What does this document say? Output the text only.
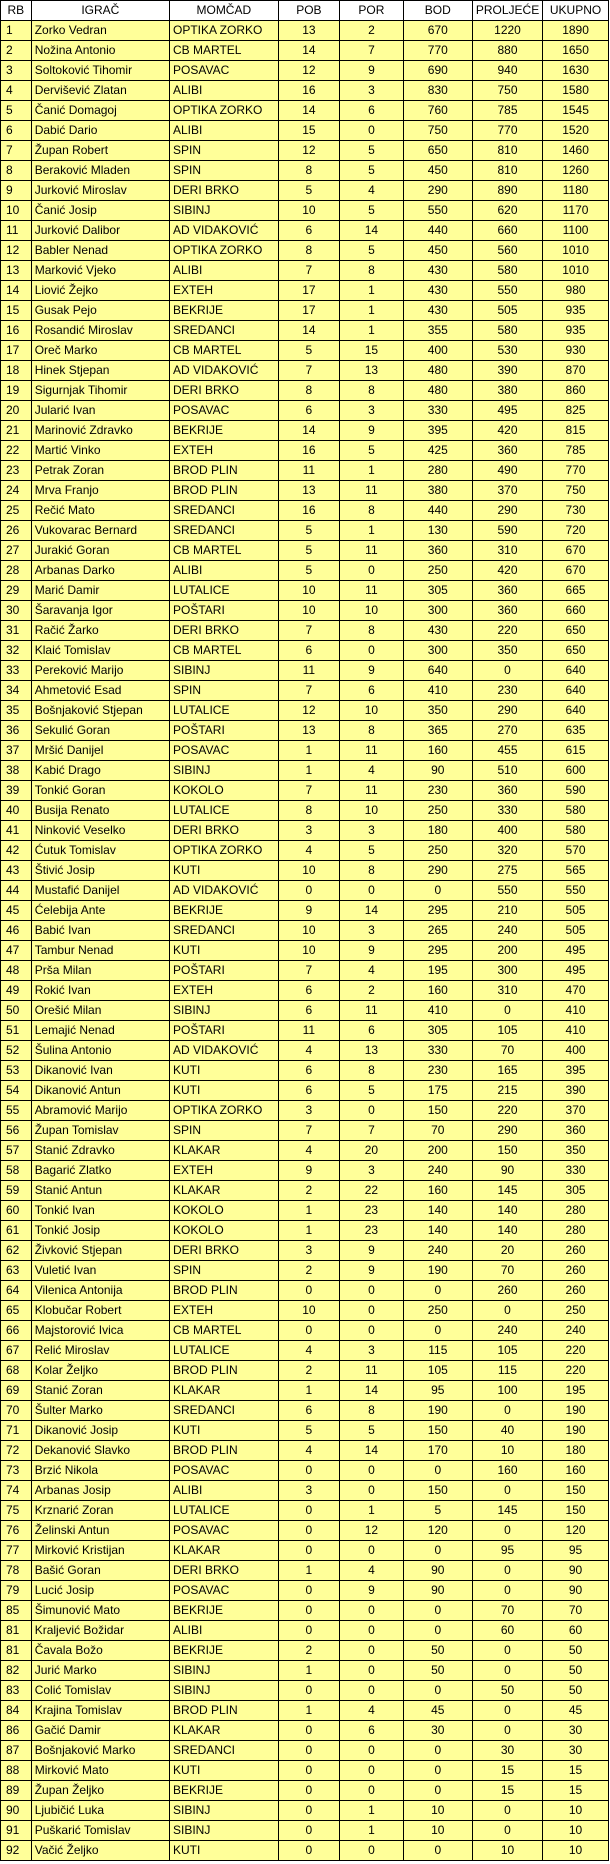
RB	IGRAČ	MOMČAD	POB	POR	BOD	PROLJEĆE	UKUPNO
1	Zorko Vedran	OPTIKA ZORKO	13	2	670	1220	1890
2	Nožina Antonio	CB MARTEL	14	7	770	880	1650
3	Soltoković Tihomir	POSAVAC	12	9	690	940	1630
4	Dervišević Zlatan	ALIBI	16	3	830	750	1580
5	Čanić Domagoj	OPTIKA ZORKO	14	6	760	785	1545
6	Dabić Dario	ALIBI	15	0	750	770	1520
7	Župan Robert	SPIN	12	5	650	810	1460
8	Beraković Mladen	SPIN	8	5	450	810	1260
9	Jurković Miroslav	DERI BRKO	5	4	290	890	1180
10	Čanić Josip	SIBINJ	10	5	550	620	1170
11	Jurković Dalibor	AD VIDAKOVIĆ	6	14	440	660	1100
12	Babler Nenad	OPTIKA ZORKO	8	5	450	560	1010
13	Marković Vjeko	ALIBI	7	8	430	580	1010
14	Liović Žejko	EXTEH	17	1	430	550	980
15	Gusak Pejo	BEKRIJE	17	1	430	505	935
16	Rosandić Miroslav	SREDANCI	14	1	355	580	935
17	Oreč Marko	CB MARTEL	5	15	400	530	930
18	Hinek Stjepan	AD VIDAKOVIĆ	7	13	480	390	870
19	Sigurnjak Tihomir	DERI BRKO	8	8	480	380	860
20	Jularić Ivan	POSAVAC	6	3	330	495	825
21	Marinović Zdravko	BEKRIJE	14	9	395	420	815
22	Martić Vinko	EXTEH	16	5	425	360	785
23	Petrak Zoran	BROD PLIN	11	1	280	490	770
24	Mrva Franjo	BROD PLIN	13	11	380	370	750
25	Rečić Mato	SREDANCI	16	8	440	290	730
26	Vukovarac Bernard	SREDANCI	5	1	130	590	720
27	Jurakić Goran	CB MARTEL	5	11	360	310	670
28	Arbanas Darko	ALIBI	5	0	250	420	670
29	Marić Damir	LUTALICE	10	11	305	360	665
30	Šaravanja Igor	POŠTARI	10	10	300	360	660
31	Račić Žarko	DERI BRKO	7	8	430	220	650
32	Klaić Tomislav	CB MARTEL	6	0	300	350	650
33	Pereković Marijo	SIBINJ	11	9	640	0	640
34	Ahmetović Esad	SPIN	7	6	410	230	640
35	Bošnjaković Stjepan	LUTALICE	12	10	350	290	640
36	Sekulić Goran	POŠTARI	13	8	365	270	635
37	Mršić Danijel	POSAVAC	1	11	160	455	615
38	Kabić Drago	SIBINJ	1	4	90	510	600
39	Tonkić Goran	KOKOLO	7	11	230	360	590
40	Busija Renato	LUTALICE	8	10	250	330	580
41	Ninković Veselko	DERI BRKO	3	3	180	400	580
42	Ćutuk Tomislav	OPTIKA ZORKO	4	5	250	320	570
43	Štivić Josip	KUTI	10	8	290	275	565
44	Mustafić Danijel	AD VIDAKOVIĆ	0	0	0	550	550
45	Ćelebija Ante	BEKRIJE	9	14	295	210	505
46	Babić Ivan	SREDANCI	10	3	265	240	505
47	Tambur Nenad	KUTI	10	9	295	200	495
48	Prša Milan	POŠTARI	7	4	195	300	495
49	Rokić Ivan	EXTEH	6	2	160	310	470
50	Orešić Milan	SIBINJ	6	11	410	0	410
51	Lemajić Nenad	POŠTARI	11	6	305	105	410
52	Šulina Antonio	AD VIDAKOVIĆ	4	13	330	70	400
53	Dikanović Ivan	KUTI	6	8	230	165	395
54	Dikanović Antun	KUTI	6	5	175	215	390
55	Abramović Marijo	OPTIKA ZORKO	3	0	150	220	370
56	Župan Tomislav	SPIN	7	7	70	290	360
57	Stanić Zdravko	KLAKAR	4	20	200	150	350
58	Bagarić Zlatko	EXTEH	9	3	240	90	330
59	Stanić Antun	KLAKAR	2	22	160	145	305
60	Tonkić Ivan	KOKOLO	1	23	140	140	280
61	Tonkić Josip	KOKOLO	1	23	140	140	280
62	Živković Stjepan	DERI BRKO	3	9	240	20	260
63	Vuletić Ivan	SPIN	2	9	190	70	260
64	Vilenica Antonija	BROD PLIN	0	0	0	260	260
65	Klobučar Robert	EXTEH	10	0	250	0	250
66	Majstorović Ivica	CB MARTEL	0	0	0	240	240
67	Relić Miroslav	LUTALICE	4	3	115	105	220
68	Kolar Željko	BROD PLIN	2	11	105	115	220
69	Stanić Zoran	KLAKAR	1	14	95	100	195
70	Šulter Marko	SREDANCI	6	8	190	0	190
71	Dikanović Josip	KUTI	5	5	150	40	190
72	Dekanović Slavko	BROD PLIN	4	14	170	10	180
73	Brzić Nikola	POSAVAC	0	0	0	160	160
74	Arbanas Josip	ALIBI	3	0	150	0	150
75	Krznarić Zoran	LUTALICE	0	1	5	145	150
76	Želinski Antun	POSAVAC	0	12	120	0	120
77	Mirković Kristijan	KLAKAR	0	0	0	95	95
78	Bašić Goran	DERI BRKO	1	4	90	0	90
79	Lucić Josip	POSAVAC	0	9	90	0	90
85	Šimunović Mato	BEKRIJE	0	0	0	70	70
81	Kraljević Božidar	ALIBI	0	0	0	60	60
81	Čavala Božo	BEKRIJE	2	0	50	0	50
82	Jurić Marko	SIBINJ	1	0	50	0	50
83	Colić Tomislav	SIBINJ	0	0	0	50	50
84	Krajina Tomislav	BROD PLIN	1	4	45	0	45
86	Gačić Damir	KLAKAR	0	6	30	0	30
87	Bošnjaković Marko	SREDANCI	0	0	0	30	30
88	Mirković Mato	KUTI	0	0	0	15	15
89	Župan Željko	BEKRIJE	0	0	0	15	15
90	Ljubičić Luka	SIBINJ	0	1	10	0	10
91	Puškarić Tomislav	SIBINJ	0	1	10	0	10
92	Vačić Željko	KUTI	0	0	0	10	10
